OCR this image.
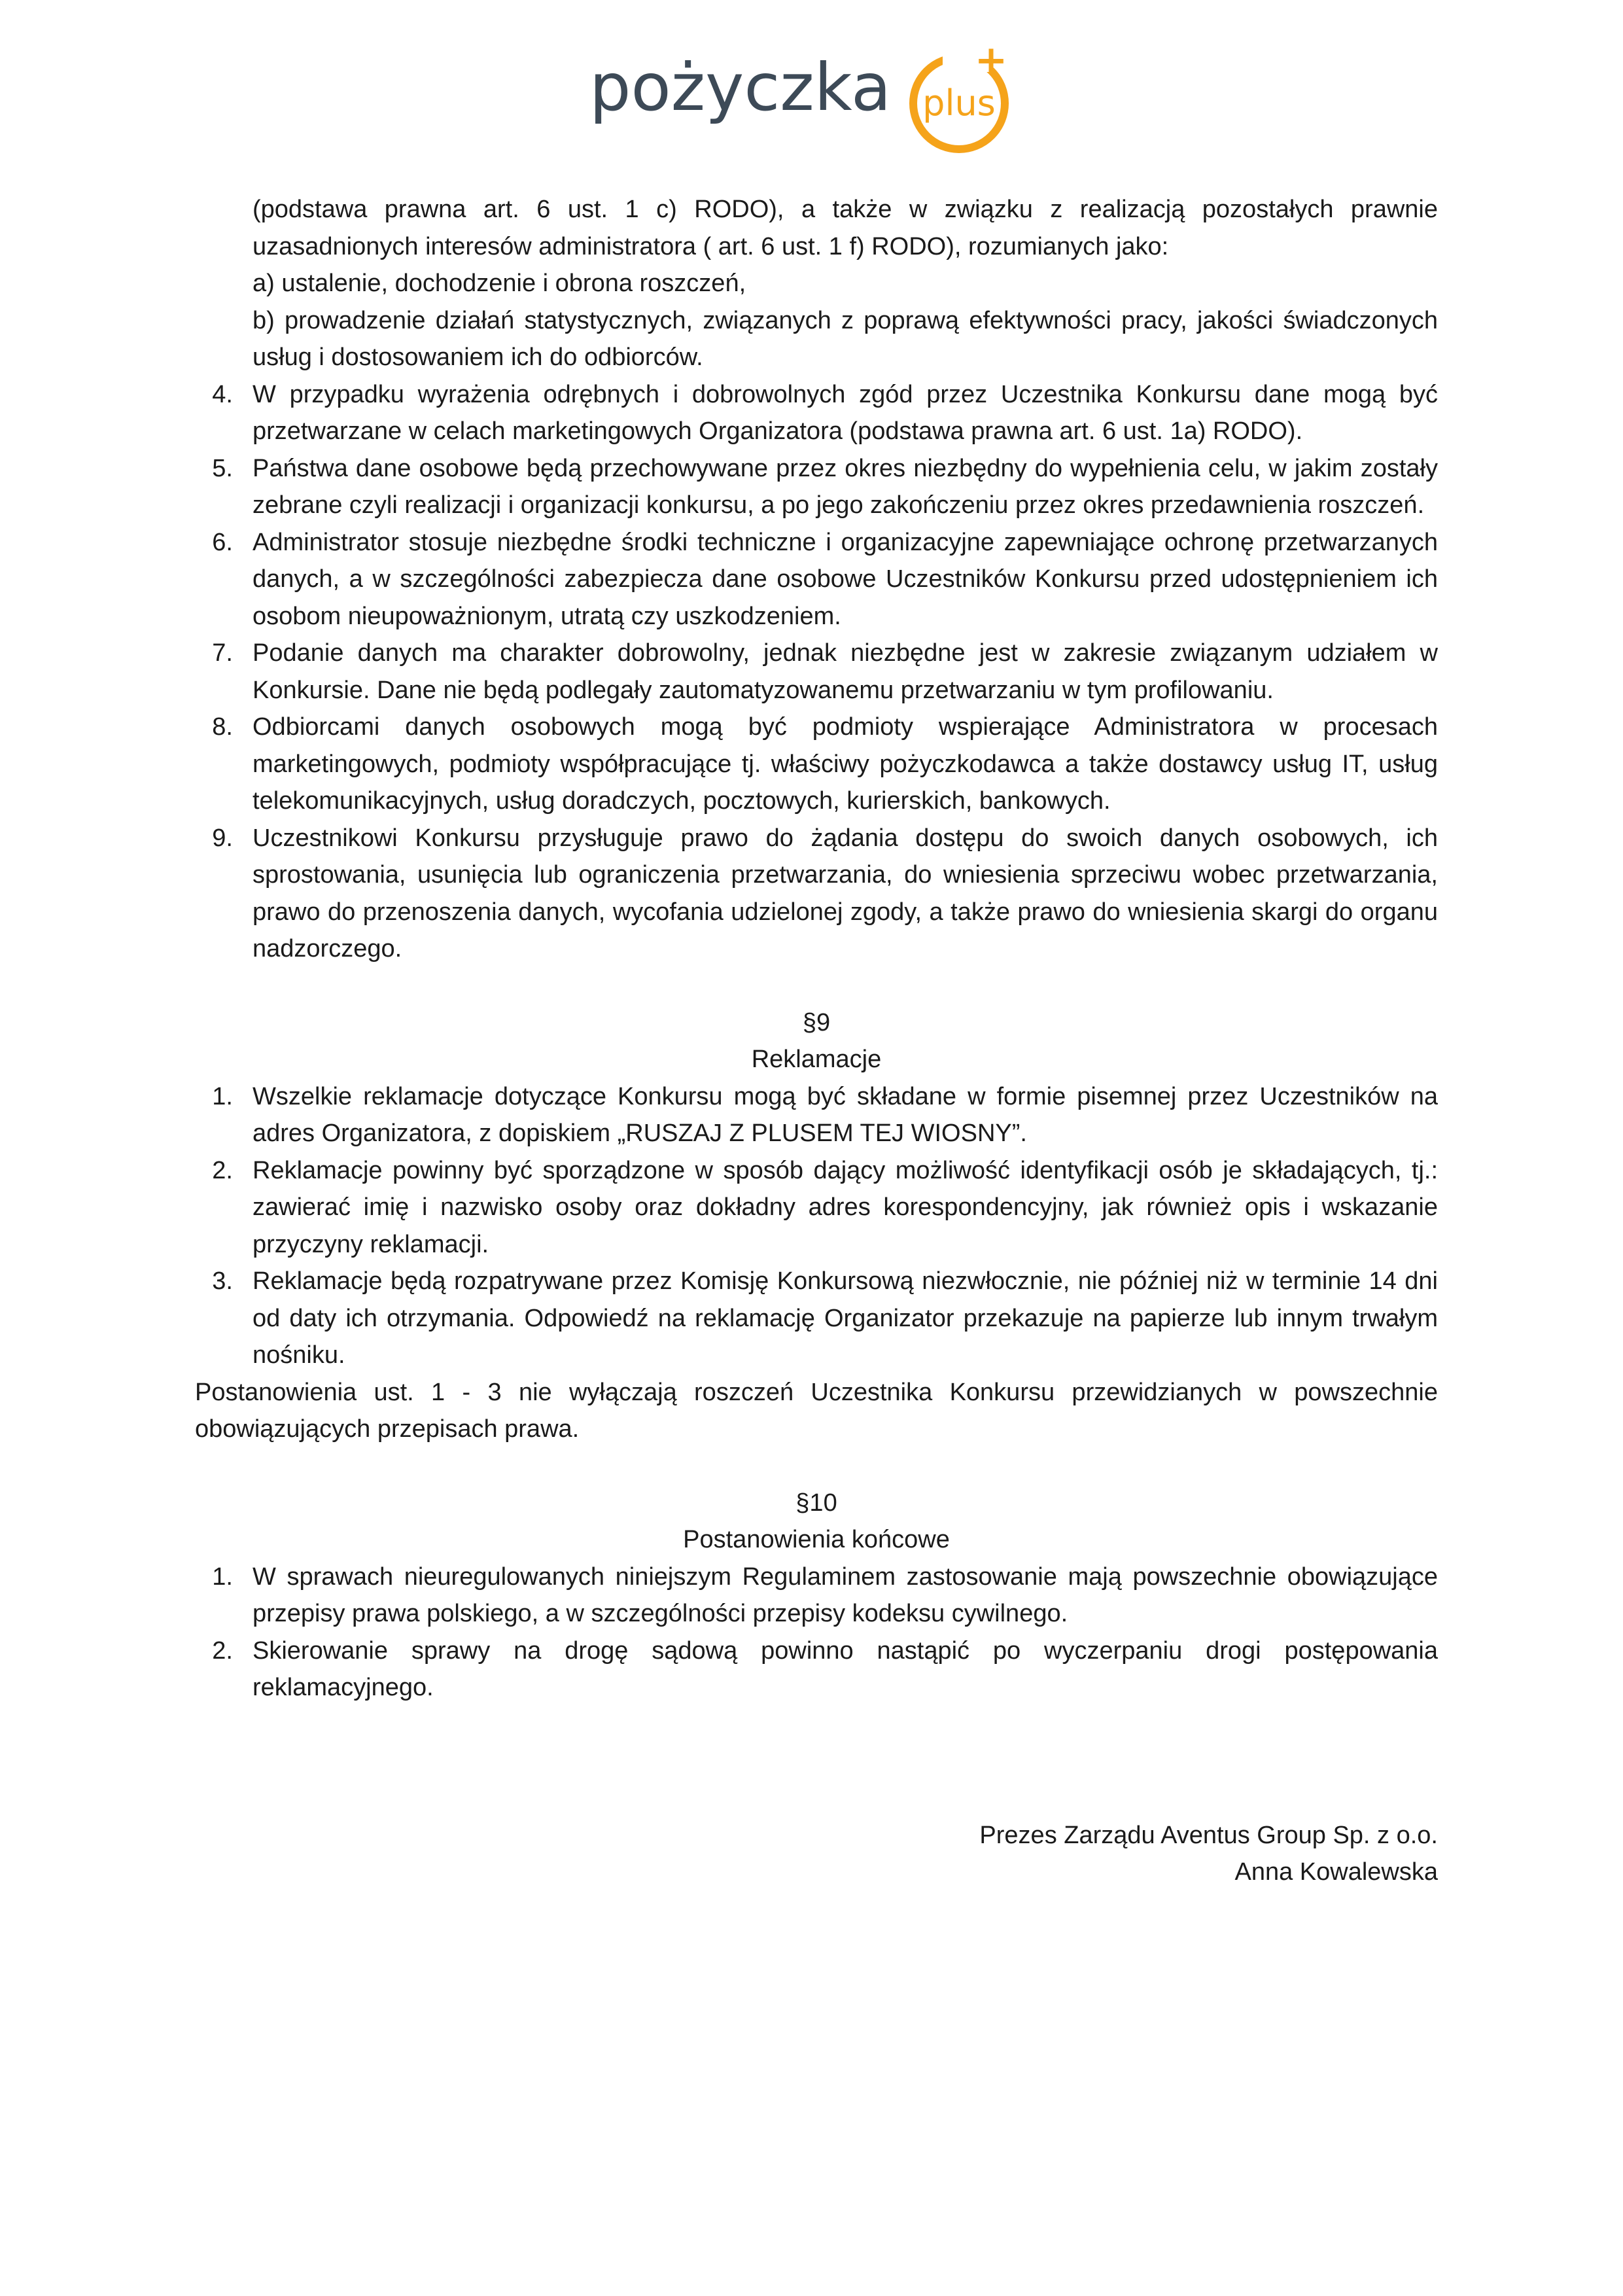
pożyczka plus
+
(podstawa prawna art. 6 ust. 1 c) RODO), a także w związku z realizacją pozostałych prawnie uzasadnionych interesów administratora ( art. 6 ust. 1 f) RODO), rozumianych jako:
a) ustalenie, dochodzenie i obrona roszczeń,
b) prowadzenie działań statystycznych, związanych z poprawą efektywności pracy, jakości świadczonych usług i dostosowaniem ich do odbiorców.
4. W przypadku wyrażenia odrębnych i dobrowolnych zgód przez Uczestnika Konkursu dane mogą być przetwarzane w celach marketingowych Organizatora (podstawa prawna art. 6 ust. 1a) RODO).
5. Państwa dane osobowe będą przechowywane przez okres niezbędny do wypełnienia celu, w jakim zostały zebrane czyli realizacji i organizacji konkursu, a po jego zakończeniu przez okres przedawnienia roszczeń.
6. Administrator stosuje niezbędne środki techniczne i organizacyjne zapewniające ochronę przetwarzanych danych, a w szczególności zabezpiecza dane osobowe Uczestników Konkursu przed udostępnieniem ich osobom nieupoważnionym, utratą czy uszkodzeniem.
7. Podanie danych ma charakter dobrowolny, jednak niezbędne jest w zakresie związanym udziałem w Konkursie. Dane nie będą podlegały zautomatyzowanemu przetwarzaniu w tym profilowaniu.
8. Odbiorcami danych osobowych mogą być podmioty wspierające Administratora w procesach marketingowych, podmioty współpracujące tj. właściwy pożyczkodawca a także dostawcy usług IT, usług telekomunikacyjnych, usług doradczych, pocztowych, kurierskich, bankowych.
9. Uczestnikowi Konkursu przysługuje prawo do żądania dostępu do swoich danych osobowych, ich sprostowania, usunięcia lub ograniczenia przetwarzania, do wniesienia sprzeciwu wobec przetwarzania, prawo do przenoszenia danych, wycofania udzielonej zgody, a także prawo do wniesienia skargi do organu nadzorczego.
§9
Reklamacje
1. Wszelkie reklamacje dotyczące Konkursu mogą być składane w formie pisemnej przez Uczestników na adres Organizatora, z dopiskiem „RUSZAJ Z PLUSEM TEJ WIOSNY”.
2. Reklamacje powinny być sporządzone w sposób dający możliwość identyfikacji osób je składających, tj.: zawierać imię i nazwisko osoby oraz dokładny adres korespondencyjny, jak również opis i wskazanie przyczyny reklamacji.
3. Reklamacje będą rozpatrywane przez Komisję Konkursową niezwłocznie, nie później niż w terminie 14 dni od daty ich otrzymania. Odpowiedź na reklamację Organizator przekazuje na papierze lub innym trwałym nośniku.
Postanowienia ust. 1 - 3 nie wyłączają roszczeń Uczestnika Konkursu przewidzianych w powszechnie obowiązujących przepisach prawa.
§10
Postanowienia końcowe
1. W sprawach nieuregulowanych niniejszym Regulaminem zastosowanie mają powszechnie obowiązujące przepisy prawa polskiego, a w szczególności przepisy kodeksu cywilnego.
2. Skierowanie sprawy na drogę sądową powinno nastąpić po wyczerpaniu drogi postępowania reklamacyjnego.
Prezes Zarządu Aventus Group Sp. z o.o.
Anna Kowalewska
